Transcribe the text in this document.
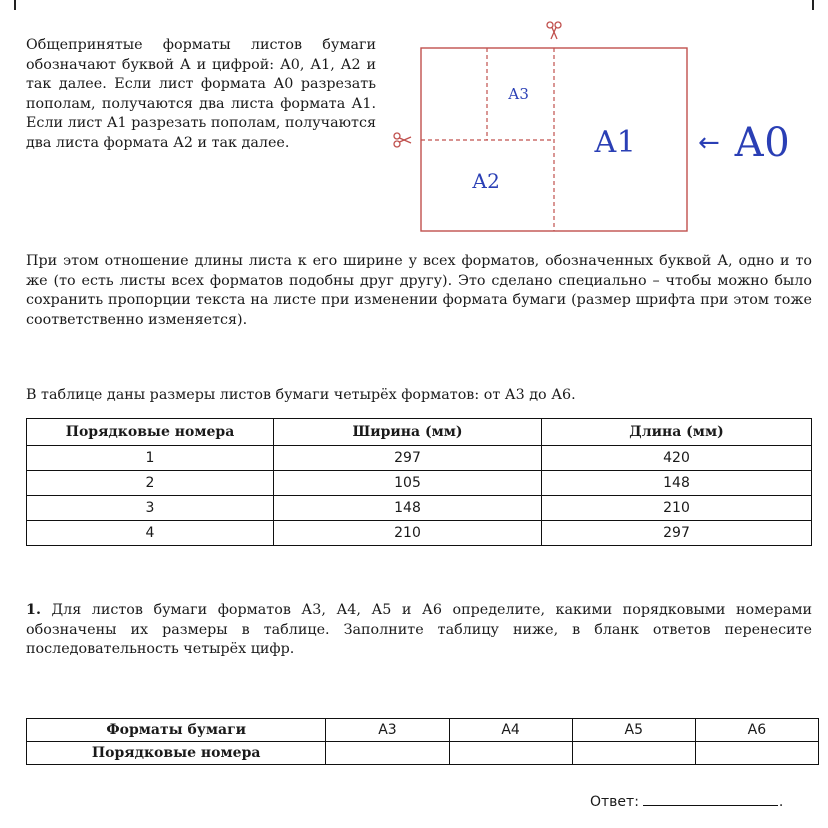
Общепринятые форматы листов бумаги обозначают буквой А и цифрой: А0, А1, А2 и так далее. Если лист формата А0 разрезать пополам, получаются два листа формата А1. Если лист А1 разрезать пополам, получаются два листа формата А2 и так далее.

А3
А2
А1 ← А0

При этом отношение длины листа к его ширине у всех форматов, обозначенных буквой А, одно и то же (то есть листы всех форматов подобны друг другу). Это сделано специально – чтобы можно было сохранить пропорции текста на листе при изменении формата бумаги (размер шрифта при этом тоже соответственно изменяется).

В таблице даны размеры листов бумаги четырёх форматов: от А3 до А6.

Порядковые номера	Ширина (мм)	Длина (мм)
1	297	420
2	105	148
3	148	210
4	210	297

1. Для листов бумаги форматов А3, А4, А5 и А6 определите, какими порядковыми номерами обозначены их размеры в таблице. Заполните таблицу ниже, в бланк ответов перенесите последовательность четырёх цифр.

Форматы бумаги	А3	А4	А5	А6
Порядковые номера				
Ответ:	.
